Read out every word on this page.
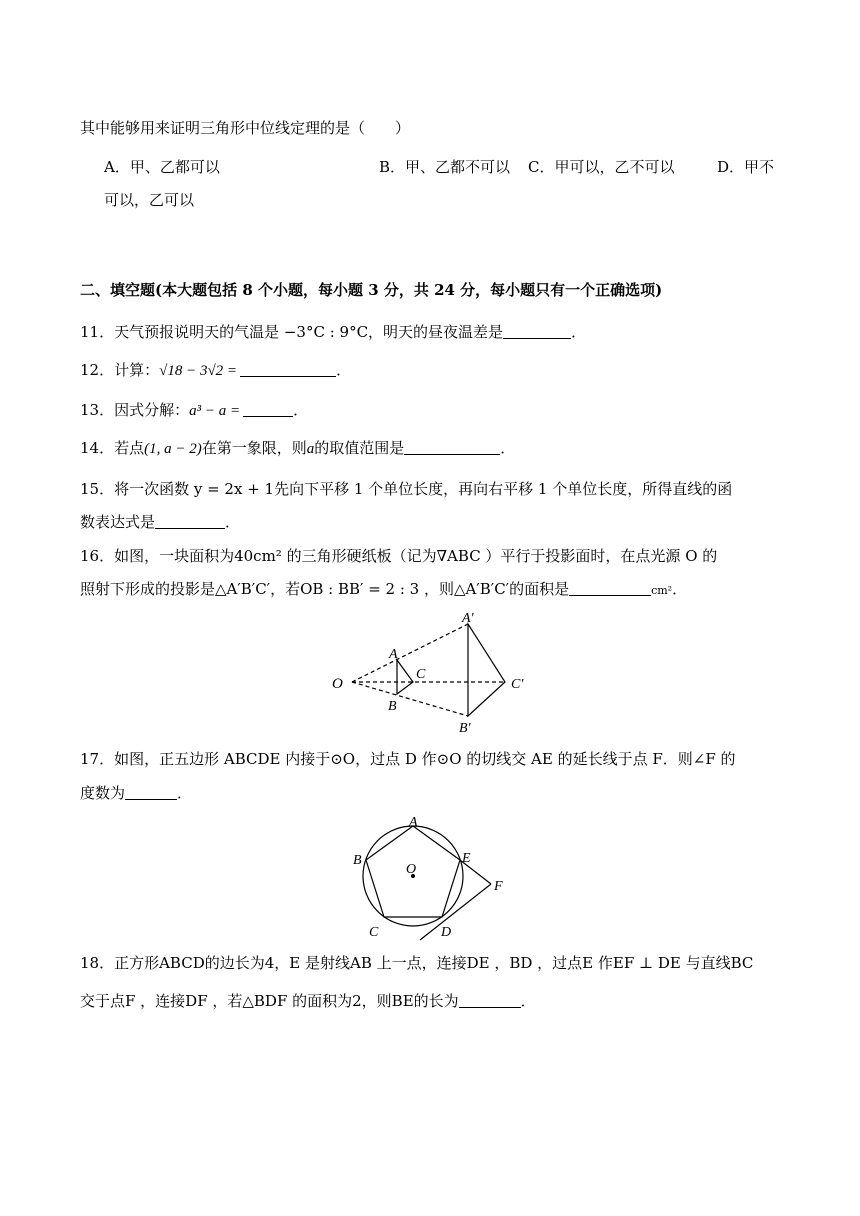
其中能够用来证明三角形中位线定理的是（　　）
A．甲、乙都可以	B．甲、乙都不可以 C．甲可以，乙不可以	D．甲不
可以，乙可以
二、填空题(本大题包括 8 个小题，每小题 3 分，共 24 分，每小题只有一个正确选项)
11．天气预报说明天的气温是 −3°C : 9°C，明天的昼夜温差是	．
12．计算：√18 − 3√2 =	．
13．因式分解：a³ − a =	．
14．若点(1, a − 2)在第一象限，则a的取值范围是	．
15．将一次函数 y = 2x + 1先向下平移 1 个单位长度，再向右平移 1 个单位长度，所得直线的函
数表达式是	．
16．如图，一块面积为40cm² 的三角形硬纸板（记为∇ABC ）平行于投影面时，在点光源 O 的
照射下形成的投影是△A′B′C′，若OB : BB′ = 2 : 3 ，则△A′B′C′的面积是	cm²．
O
A
B
C
A′
B′
C′
17．如图，正五边形 ABCDE 内接于⊙O，过点 D 作⊙O 的切线交 AE 的延长线于点 F．则∠F 的
度数为	．
A
B
C	D
E
F
O
18．正方形ABCD的边长为4，E 是射线AB 上一点，连接DE ，BD ，过点E 作EF ⊥ DE 与直线BC
交于点F ，连接DF ，若△BDF 的面积为2，则BE的长为	．
